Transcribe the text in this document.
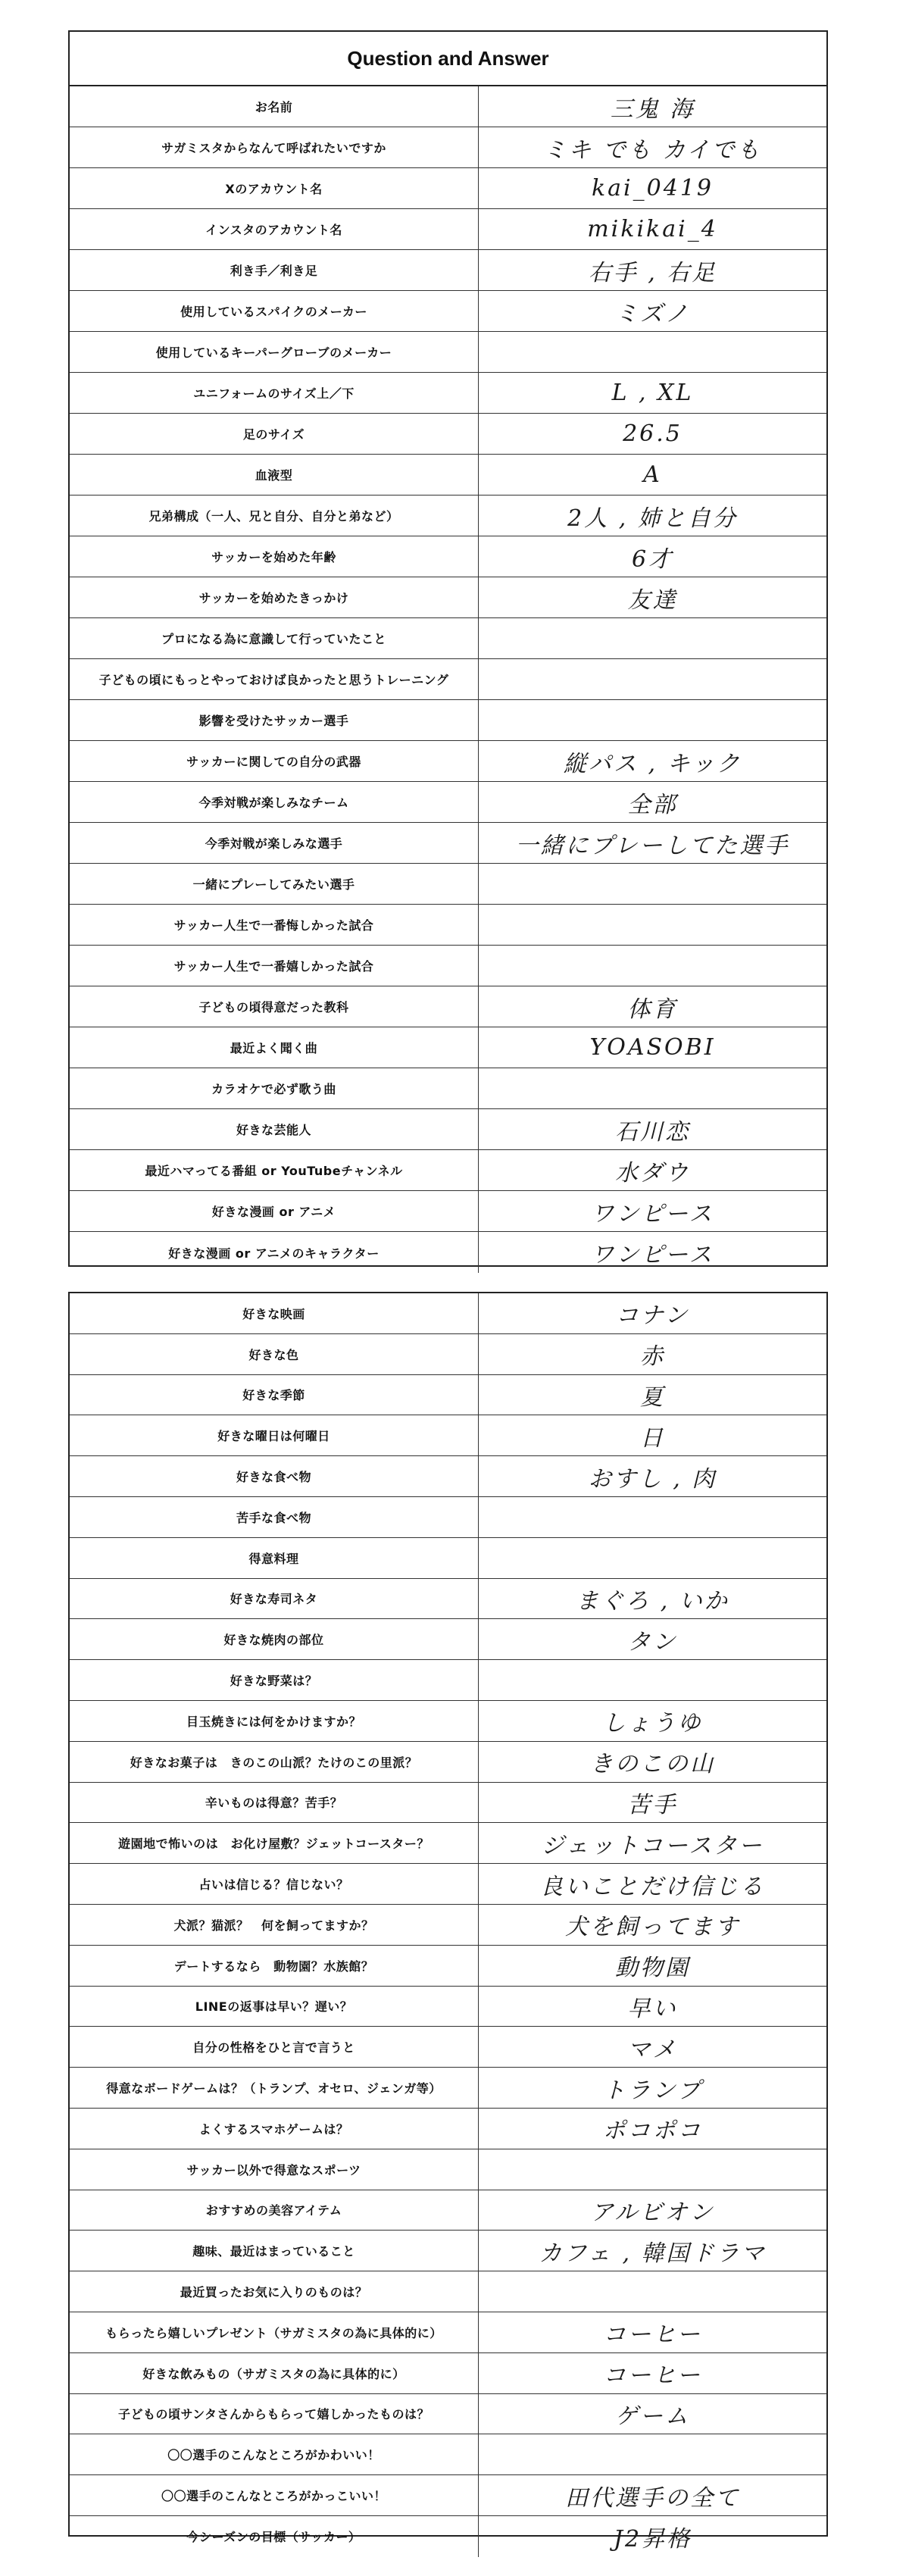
Question and Answer
お名前	三鬼 海
サガミスタからなんて呼ばれたいですか	ミキ でも カイでも
Xのアカウント名	kai_0419
インスタのアカウント名	mikikai_4
利き手／利き足	右手 , 右足
使用しているスパイクのメーカー	ミズノ
使用しているキーパーグローブのメーカー
ユニフォームのサイズ上／下	L , XL
足のサイズ	26.5
血液型	A
兄弟構成（一人、兄と自分、自分と弟など）	2人 , 姉と自分
サッカーを始めた年齢	6才
サッカーを始めたきっかけ	友達
プロになる為に意識して行っていたこと
子どもの頃にもっとやっておけば良かったと思うトレーニング
影響を受けたサッカー選手
サッカーに関しての自分の武器	縦パス , キック
今季対戦が楽しみなチーム	全部
今季対戦が楽しみな選手	一緒にプレーしてた選手
一緒にプレーしてみたい選手
サッカー人生で一番悔しかった試合
サッカー人生で一番嬉しかった試合
子どもの頃得意だった教科	体育
最近よく聞く曲	YOASOBI
カラオケで必ず歌う曲
好きな芸能人	石川恋
最近ハマってる番組 or YouTubeチャンネル	水ダウ
好きな漫画 or アニメ	ワンピース
好きな漫画 or アニメのキャラクター	ワンピース
好きな映画	コナン
好きな色	赤
好きな季節	夏
好きな曜日は何曜日	日
好きな食べ物	おすし , 肉
苦手な食べ物
得意料理
好きな寿司ネタ	まぐろ , いか
好きな焼肉の部位	タン
好きな野菜は？
目玉焼きには何をかけますか？	しょうゆ
好きなお菓子は　きのこの山派？たけのこの里派？	きのこの山
辛いものは得意？苦手？	苦手
遊園地で怖いのは　お化け屋敷？ジェットコースター？	ジェットコースター
占いは信じる？信じない？	良いことだけ信じる
犬派？猫派？　何を飼ってますか？	犬を飼ってます
デートするなら　動物園？水族館？	動物園
LINEの返事は早い？遅い？	早い
自分の性格をひと言で言うと	マメ
得意なボードゲームは？（トランプ、オセロ、ジェンガ等）	トランプ
よくするスマホゲームは？	ポコポコ
サッカー以外で得意なスポーツ
おすすめの美容アイテム	アルビオン
趣味、最近はまっていること	カフェ , 韓国ドラマ
最近買ったお気に入りのものは？
もらったら嬉しいプレゼント（サガミスタの為に具体的に）	コーヒー
好きな飲みもの（サガミスタの為に具体的に）	コーヒー
子どもの頃サンタさんからもらって嬉しかったものは？	ゲーム
〇〇選手のこんなところがかわいい！
〇〇選手のこんなところがかっこいい！	田代選手の全て
今シーズンの目標（サッカー）	J2昇格
